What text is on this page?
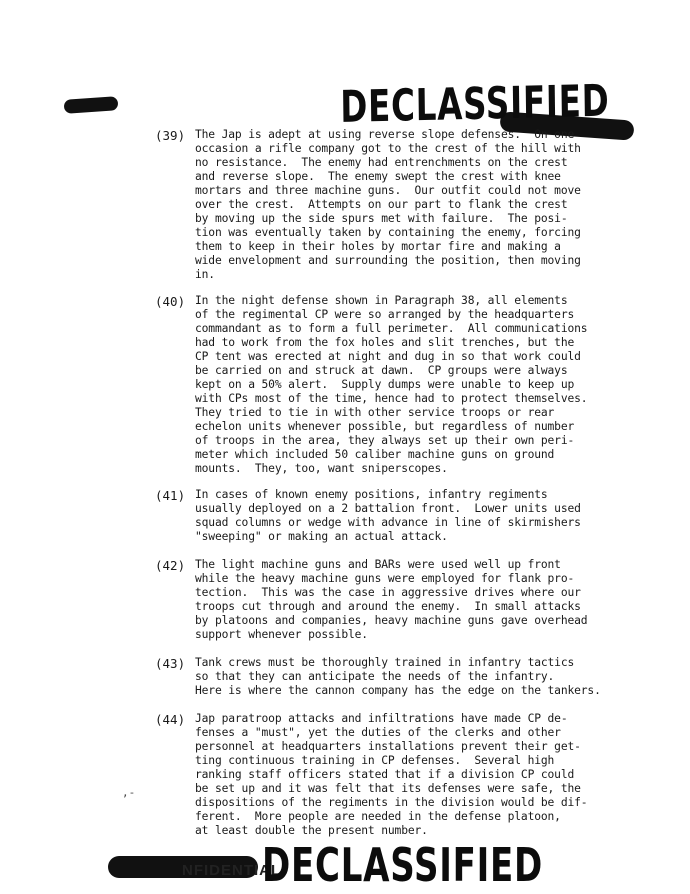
NFIDENTIAL
DECLASSIFIED
DECLASSIFIED
(39) The Jap is adept at using reverse slope defenses.  On one
occasion a rifle company got to the crest of the hill with
no resistance.  The enemy had entrenchments on the crest
and reverse slope.  The enemy swept the crest with knee
mortars and three machine guns.  Our outfit could not move
over the crest.  Attempts on our part to flank the crest
by moving up the side spurs met with failure.  The posi-
tion was eventually taken by containing the enemy, forcing
them to keep in their holes by mortar fire and making a
wide envelopment and surrounding the position, then moving
in.
(40) In the night defense shown in Paragraph 38, all elements
of the regimental CP were so arranged by the headquarters
commandant as to form a full perimeter.  All communications
had to work from the fox holes and slit trenches, but the
CP tent was erected at night and dug in so that work could
be carried on and struck at dawn.  CP groups were always
kept on a 50% alert.  Supply dumps were unable to keep up
with CPs most of the time, hence had to protect themselves.
They tried to tie in with other service troops or rear
echelon units whenever possible, but regardless of number
of troops in the area, they always set up their own peri-
meter which included 50 caliber machine guns on ground
mounts.  They, too, want sniperscopes.
(41) In cases of known enemy positions, infantry regiments
usually deployed on a 2 battalion front.  Lower units used
squad columns or wedge with advance in line of skirmishers
"sweeping" or making an actual attack.
(42) The light machine guns and BARs were used well up front
while the heavy machine guns were employed for flank pro-
tection.  This was the case in aggressive drives where our
troops cut through and around the enemy.  In small attacks
by platoons and companies, heavy machine guns gave overhead
support whenever possible.
(43) Tank crews must be thoroughly trained in infantry tactics
so that they can anticipate the needs of the infantry.
Here is where the cannon company has the edge on the tankers.
(44) Jap paratroop attacks and infiltrations have made CP de-
fenses a "must", yet the duties of the clerks and other
personnel at headquarters installations prevent their get-
ting continuous training in CP defenses.  Several high
ranking staff officers stated that if a division CP could
be set up and it was felt that its defenses were safe, the
dispositions of the regiments in the division would be dif-
ferent.  More people are needed in the defense platoon,
at least double the present number.
,-
